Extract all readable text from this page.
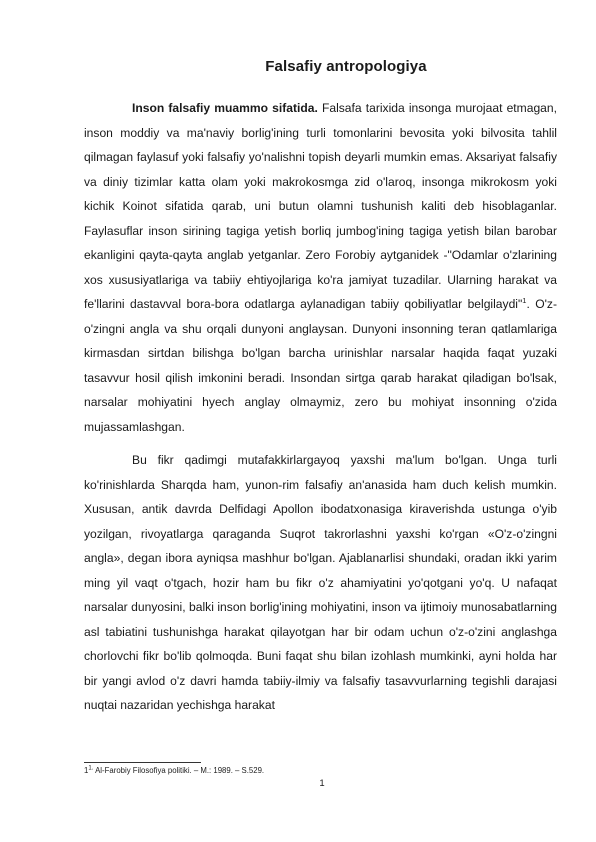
Falsafiy antropologiya

Inson falsafiy muammo sifatida. Falsafa tarixida insonga murojaat etmagan, inson moddiy va ma'naviy borlig'ining turli tomonlarini bevosita yoki bilvosita tahlil qilmagan faylasuf yoki falsafiy yo'nalishni topish deyarli mumkin emas. Aksariyat falsafiy va diniy tizimlar katta olam yoki makrokosmga zid o'laroq, insonga mikrokosm yoki kichik Koinot sifatida qarab, uni butun olamni tushunish kaliti deb hisoblaganlar. Faylasuflar inson sirining tagiga yetish borliq jumbog'ining tagiga yetish bilan barobar ekanligini qayta-qayta anglab yetganlar. Zero Forobiy aytganidek -"Odamlar o'zlarining xos xususiyatlariga va tabiiy ehtiyojlariga ko'ra jamiyat tuzadilar. Ularning harakat va fe'llarini dastavval bora-bora odatlarga aylanadigan tabiiy qobiliyatlar belgilaydi"$^1$. O'z-o'zingni angla va shu orqali dunyoni anglaysan. Dunyoni insonning teran qatlamlariga kirmasdan sirtdan bilishga bo'lgan barcha urinishlar narsalar haqida faqat yuzaki tasavvur hosil qilish imkonini beradi. Insondan sirtga qarab harakat qiladigan bo'lsak, narsalar mohiyatini hyech anglay olmaymiz, zero bu mohiyat insonning o'zida mujassamlashgan.

Bu fikr qadimgi mutafakkirlargayoq yaxshi ma'lum bo'lgan. Unga turli ko'rinishlarda Sharqda ham, yunon-rim falsafiy an'anasida ham duch kelish mumkin. Xususan, antik davrda Delfidagi Apollon ibodatxonasiga kiraverishda ustunga o'yib yozilgan, rivoyatlarga qaraganda Suqrot takrorlashni yaxshi ko'rgan «O'z-o'zingni angla», degan ibora ayniqsa mashhur bo'lgan. Ajablanarlisi shundaki, oradan ikki yarim ming yil vaqt o'tgach, hozir ham bu fikr o'z ahamiyatini yo'qotgani yo'q. U nafaqat narsalar dunyosini, balki inson borlig'ining mohiyatini, inson va ijtimoiy munosabatlarning asl tabiatini tushunishga harakat qilayotgan har bir odam uchun o'z-o'zini anglashga chorlovchi fikr bo'lib qolmoqda. Buni faqat shu bilan izohlash mumkinki, ayni holda har bir yangi avlod o'z davri hamda tabiiy-ilmiy va falsafiy tasavvurlarning tegishli darajasi nuqtai nazaridan yechishga harakat

$1^{1.}$ Al-Farobiy Filosofiya politiki. – M.: 1989. – S.529.
1
